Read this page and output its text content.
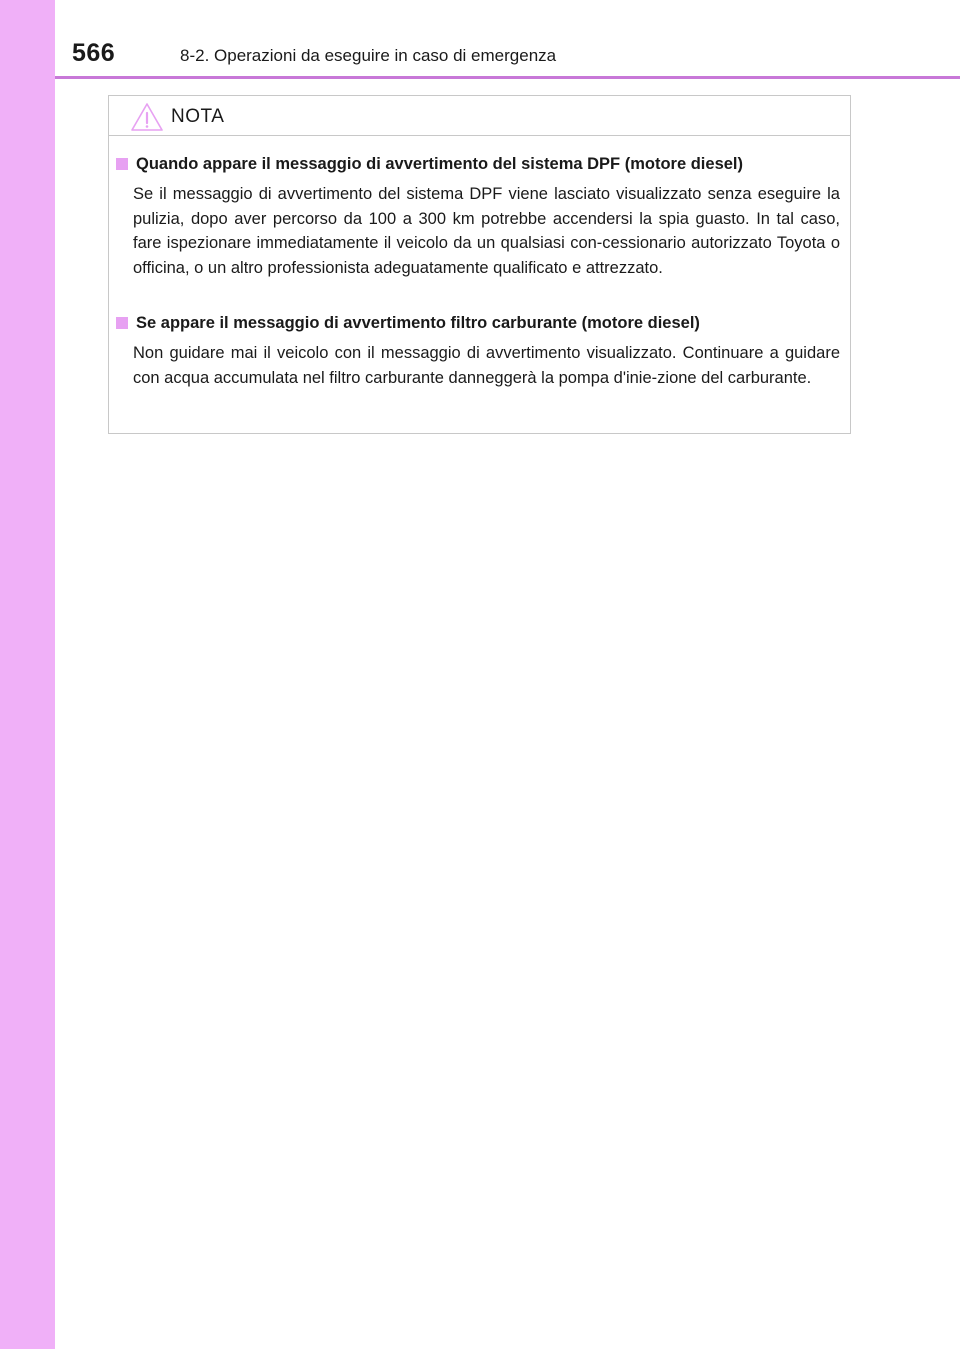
566	8-2. Operazioni da eseguire in caso di emergenza
NOTA
Quando appare il messaggio di avvertimento del sistema DPF (motore diesel)

Se il messaggio di avvertimento del sistema DPF viene lasciato visualizzato senza eseguire la pulizia, dopo aver percorso da 100 a 300 km potrebbe accendersi la spia guasto. In tal caso, fare ispezionare immediatamente il veicolo da un qualsiasi con-cessionario autorizzato Toyota o officina, o un altro professionista adeguatamente qualificato e attrezzato.

Se appare il messaggio di avvertimento filtro carburante (motore diesel)

Non guidare mai il veicolo con il messaggio di avvertimento visualizzato. Continuare a guidare con acqua accumulata nel filtro carburante danneggerà la pompa d'inie-zione del carburante.
